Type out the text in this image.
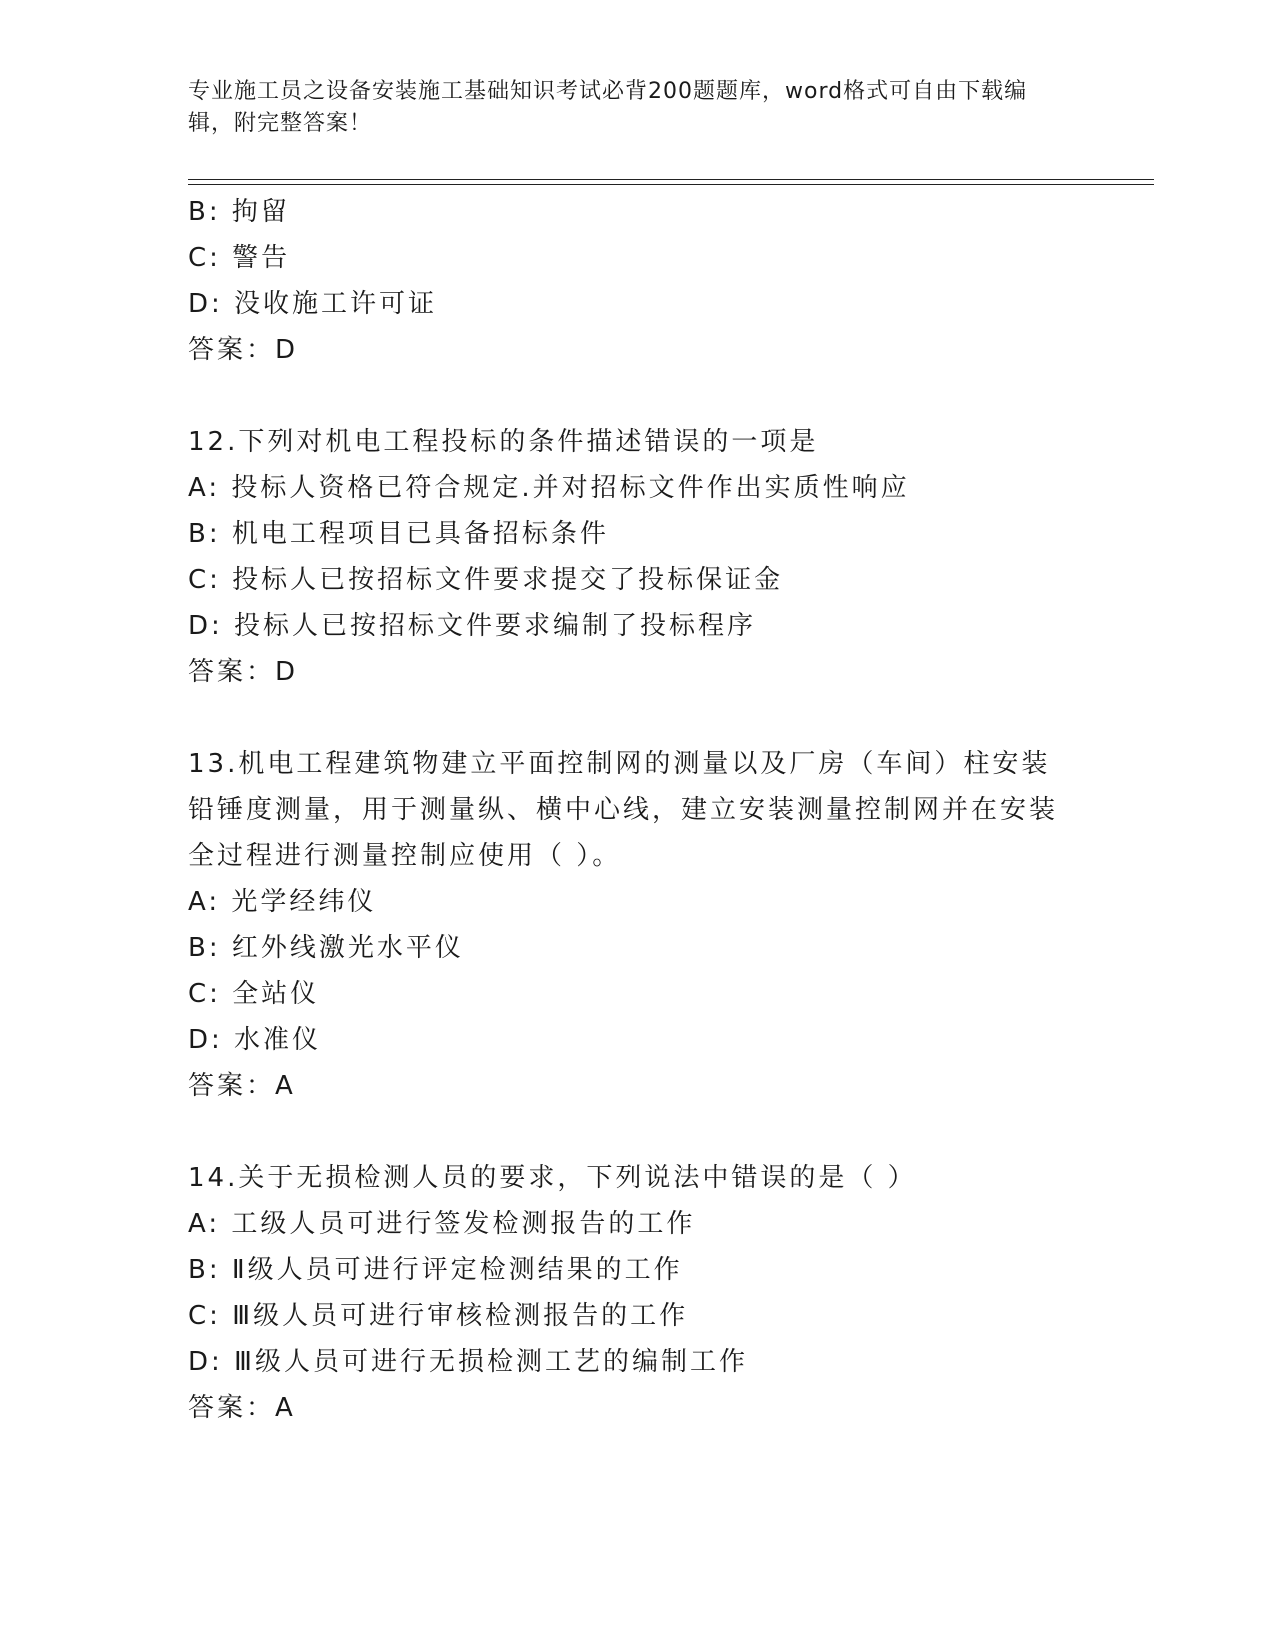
专业施工员之设备安装施工基础知识考试必背200题题库，word格式可自由下载编辑，附完整答案！
B: 拘留
C: 警告
D: 没收施工许可证
答案：D
12.下列对机电工程投标的条件描述错误的一项是
A: 投标人资格已符合规定.并对招标文件作出实质性响应
B: 机电工程项目已具备招标条件
C: 投标人已按招标文件要求提交了投标保证金
D: 投标人已按招标文件要求编制了投标程序
答案：D
13.机电工程建筑物建立平面控制网的测量以及厂房（车间）柱安装铅锤度测量，用于测量纵、横中心线，建立安装测量控制网并在安装全过程进行测量控制应使用（ ）。
A: 光学经纬仪
B: 红外线激光水平仪
C: 全站仪
D: 水准仪
答案：A
14.关于无损检测人员的要求，下列说法中错误的是（ ）
A: 工级人员可进行签发检测报告的工作
B: Ⅱ级人员可进行评定检测结果的工作
C: Ⅲ级人员可进行审核检测报告的工作
D: Ⅲ级人员可进行无损检测工艺的编制工作
答案：A
